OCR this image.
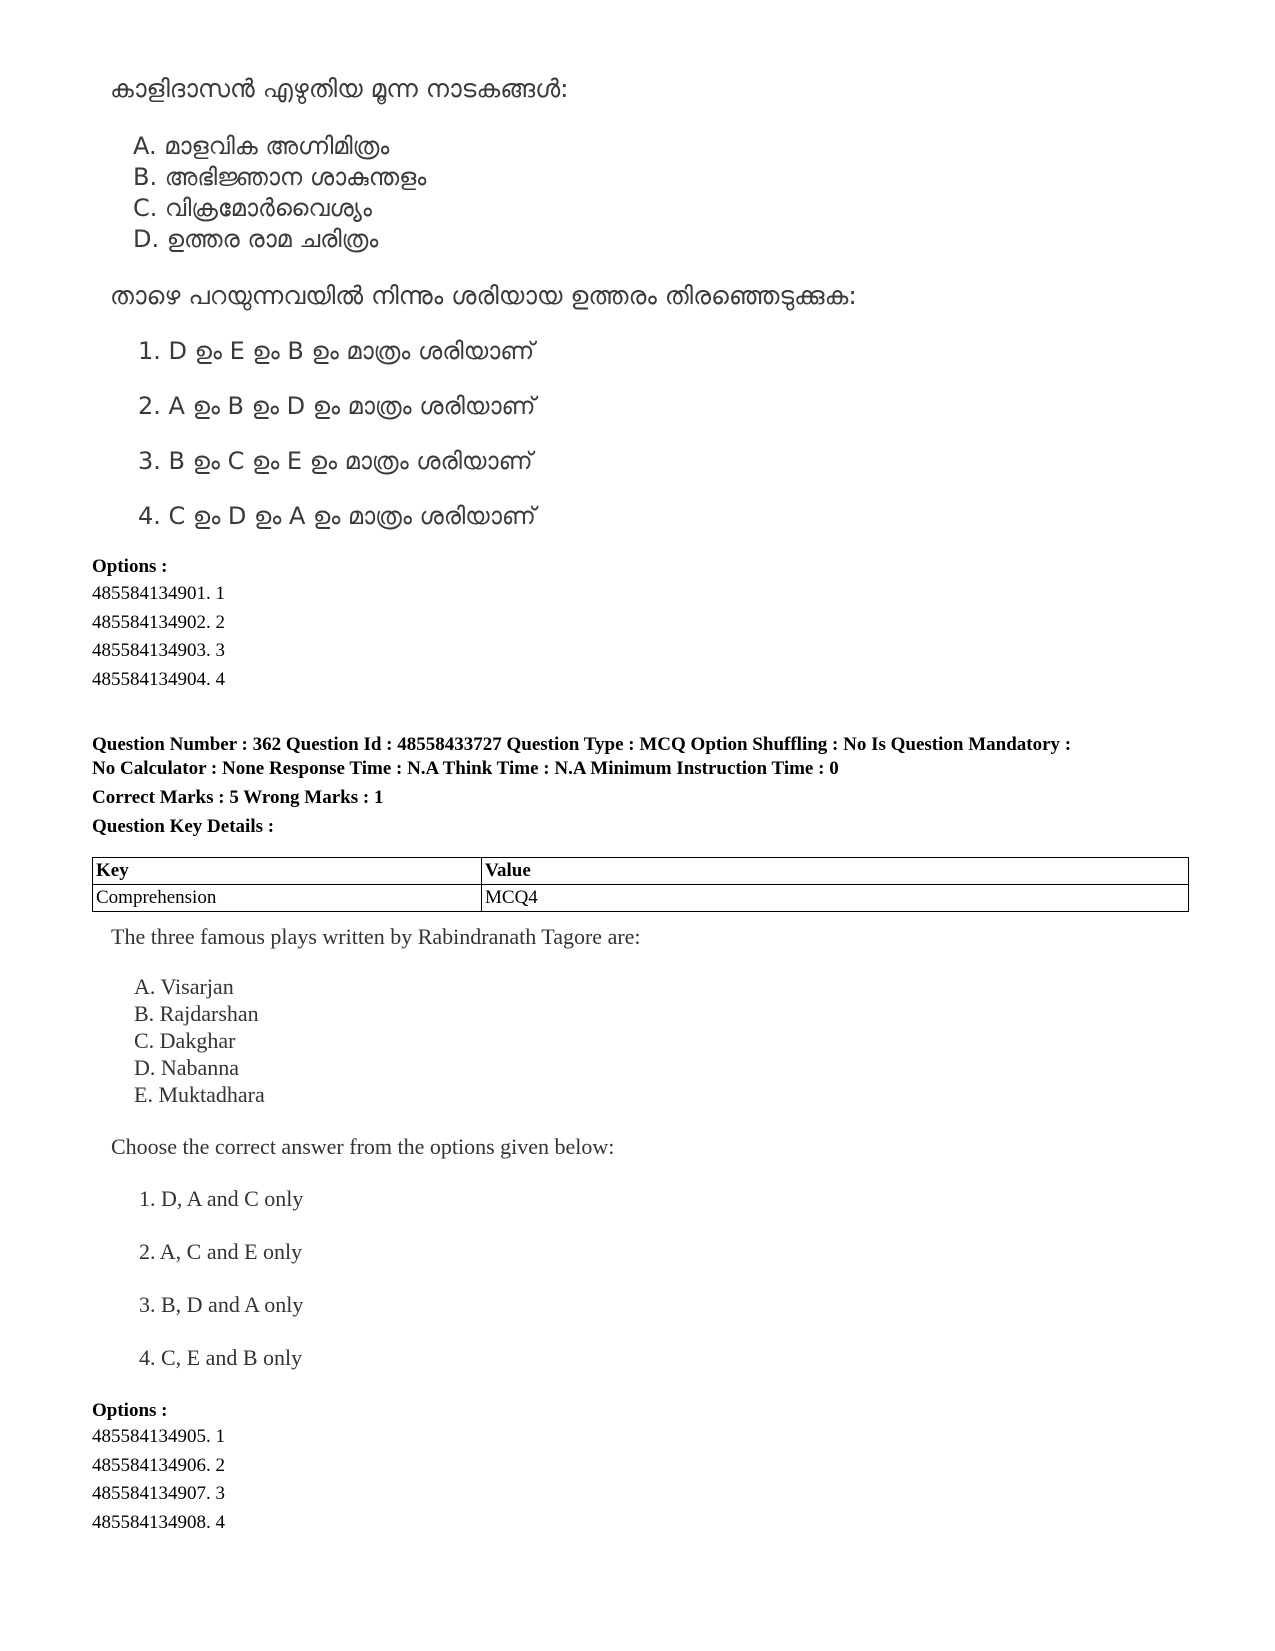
കാളിദാസൻ എഴുതിയ മൂന്ന നാടകങ്ങൾ:
A. മാളവിക അഗ്നിമിത്രം
B. അഭിജ്ഞാന ശാകുന്തളം
C. വിക്രമോർവൈശ്യം
D. ഉത്തര രാമ ചരിത്രം
താഴെ പറയുന്നവയിൽ നിന്നും ശരിയായ ഉത്തരം തിരഞ്ഞെടുക്കുക:
1. D ഉം E ഉം B ഉം മാത്രം ശരിയാണ്
2. A ഉം B ഉം D ഉം മാത്രം ശരിയാണ്
3. B ഉം C ഉം E ഉം മാത്രം ശരിയാണ്
4. C ഉം D ഉം A ഉം മാത്രം ശരിയാണ്
Options :
485584134901. 1
485584134902. 2
485584134903. 3
485584134904. 4
Question Number : 362 Question Id : 48558433727 Question Type : MCQ Option Shuffling : No Is Question Mandatory :
No Calculator : None Response Time : N.A Think Time : N.A Minimum Instruction Time : 0
Correct Marks : 5 Wrong Marks : 1
Question Key Details :
Key	Value
Comprehension	MCQ4
The three famous plays written by Rabindranath Tagore are:
A. Visarjan
B. Rajdarshan
C. Dakghar
D. Nabanna
E. Muktadhara
Choose the correct answer from the options given below:
1. D, A and C only
2. A, C and E only
3. B, D and A only
4. C, E and B only
Options :
485584134905. 1
485584134906. 2
485584134907. 3
485584134908. 4
